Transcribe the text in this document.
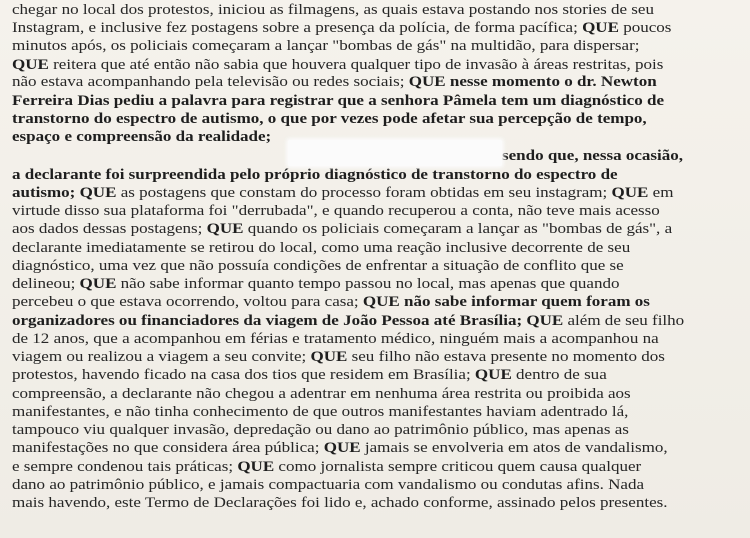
chegar no local dos protestos, iniciou as filmagens, as quais estava postando nos stories de seu
Instagram, e inclusive fez postagens sobre a presença da polícia, de forma pacífica; QUE poucos
minutos após, os policiais começaram a lançar "bombas de gás" na multidão, para dispersar;
QUE reitera que até então não sabia que houvera qualquer tipo de invasão à áreas restritas, pois
não estava acompanhando pela televisão ou redes sociais; QUE nesse momento o dr. Newton
Ferreira Dias pediu a palavra para registrar que a senhora Pâmela tem um diagnóstico de
transtorno do espectro de autismo, o que por vezes pode afetar sua percepção de tempo,
espaço e compreensão da realidade;
sendo que, nessa ocasião,
a declarante foi surpreendida pelo próprio diagnóstico de transtorno do espectro de
autismo; QUE as postagens que constam do processo foram obtidas em seu instagram; QUE em
virtude disso sua plataforma foi "derrubada", e quando recuperou a conta, não teve mais acesso
aos dados dessas postagens; QUE quando os policiais começaram a lançar as "bombas de gás", a
declarante imediatamente se retirou do local, como uma reação inclusive decorrente de seu
diagnóstico, uma vez que não possuía condições de enfrentar a situação de conflito que se
delineou; QUE não sabe informar quanto tempo passou no local, mas apenas que quando
percebeu o que estava ocorrendo, voltou para casa; QUE não sabe informar quem foram os
organizadores ou financiadores da viagem de João Pessoa até Brasília; QUE além de seu filho
de 12 anos, que a acompanhou em férias e tratamento médico, ninguém mais a acompanhou na
viagem ou realizou a viagem a seu convite; QUE seu filho não estava presente no momento dos
protestos, havendo ficado na casa dos tios que residem em Brasília; QUE dentro de sua
compreensão, a declarante não chegou a adentrar em nenhuma área restrita ou proibida aos
manifestantes, e não tinha conhecimento de que outros manifestantes haviam adentrado lá,
tampouco viu qualquer invasão, depredação ou dano ao patrimônio público, mas apenas as
manifestações no que considera área pública; QUE jamais se envolveria em atos de vandalismo,
e sempre condenou tais práticas; QUE como jornalista sempre criticou quem causa qualquer
dano ao patrimônio público, e jamais compactuaria com vandalismo ou condutas afins. Nada
mais havendo, este Termo de Declarações foi lido e, achado conforme, assinado pelos presentes.
